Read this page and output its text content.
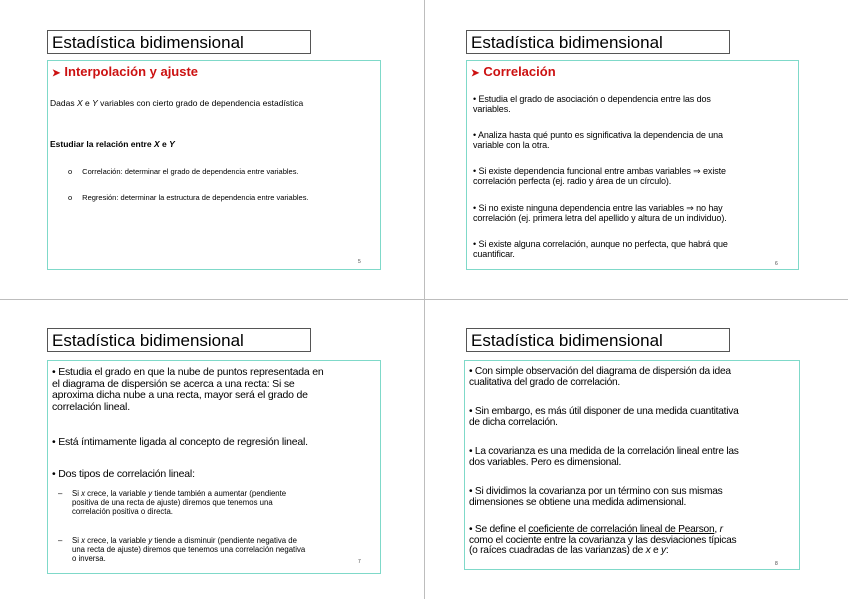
Estadística bidimensional
➤ Interpolación y ajuste
Dadas X e Y variables con cierto grado de dependencia estadística
Estudiar la relación entre X e Y
o Correlación: determinar el grado de dependencia entre variables.
o Regresión: determinar la estructura de dependencia entre variables.
5
Estadística bidimensional
➤ Correlación

• Estudia el grado de asociación o dependencia entre las dos
variables.

• Analiza hasta qué punto es significativa la dependencia de una
variable con la otra.

• Si existe dependencia funcional entre ambas variables ⇒ existe
correlación perfecta (ej. radio y área de un círculo).

• Si no existe ninguna dependencia entre las variables ⇒ no hay
correlación (ej. primera letra del apellido y altura de un individuo).

• Si existe alguna correlación, aunque no perfecta, que habrá que
cuantificar.

6
Estadística bidimensional

• Estudia el grado en que la nube de puntos representada en
el diagrama de dispersión se acerca a una recta: Si se
aproxima dicha nube a una recta, mayor será el grado de
correlación lineal.

• Está íntimamente ligada al concepto de regresión lineal.

• Dos tipos de correlación lineal:

– Si x crece, la variable y tiende también a aumentar (pendiente
positiva de una recta de ajuste) diremos que tenemos una
correlación positiva o directa.
– Si x crece, la variable y tiende a disminuir (pendiente negativa de
una recta de ajuste) diremos que tenemos una correlación negativa
o inversa.	7
Estadística bidimensional

• Con simple observación del diagrama de dispersión da idea
cualitativa del grado de correlación.

• Sin embargo, es más útil disponer de una medida cuantitativa
de dicha correlación.

• La covarianza es una medida de la correlación lineal entre las
dos variables. Pero es dimensional.

• Si dividimos la covarianza por un término con sus mismas
dimensiones se obtiene una medida adimensional.

• Se define el coeficiente de correlación lineal de Pearson, r
como el cociente entre la covarianza y las desviaciones típicas
(o raíces cuadradas de las varianzas) de x e y:

8
